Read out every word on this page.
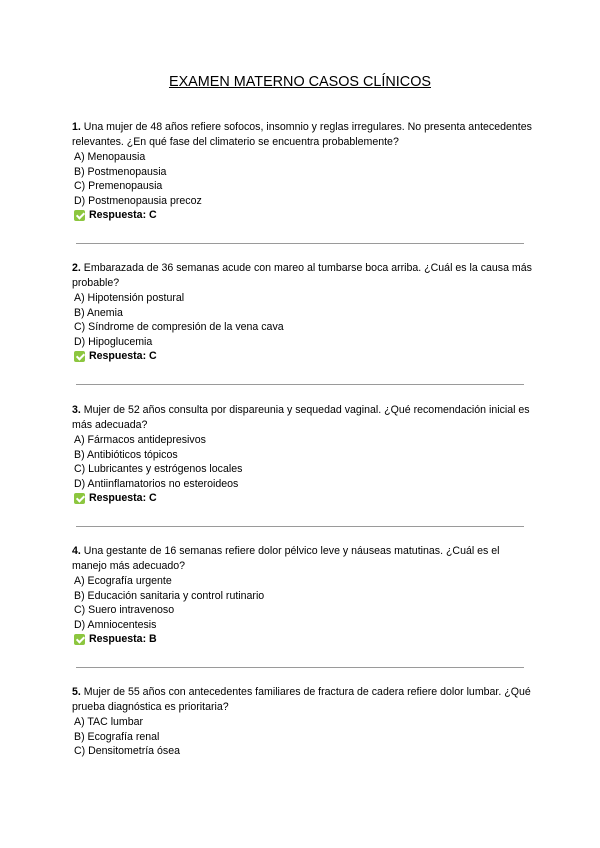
EXAMEN MATERNO CASOS CLÍNICOS

1. Una mujer de 48 años refiere sofocos, insomnio y reglas irregulares. No presenta antecedentes relevantes. ¿En qué fase del climaterio se encuentra probablemente?

A) Menopausia
B) Postmenopausia
C) Premenopausia
D) Postmenopausia precoz
Respuesta: C

2. Embarazada de 36 semanas acude con mareo al tumbarse boca arriba. ¿Cuál es la causa más probable?

A) Hipotensión postural
B) Anemia
C) Síndrome de compresión de la vena cava
D) Hipoglucemia
Respuesta: C

3. Mujer de 52 años consulta por dispareunia y sequedad vaginal. ¿Qué recomendación inicial es más adecuada?

A) Fármacos antidepresivos
B) Antibióticos tópicos
C) Lubricantes y estrógenos locales
D) Antiinflamatorios no esteroideos
Respuesta: C

4. Una gestante de 16 semanas refiere dolor pélvico leve y náuseas matutinas. ¿Cuál es el manejo más adecuado?

A) Ecografía urgente
B) Educación sanitaria y control rutinario
C) Suero intravenoso
D) Amniocentesis
Respuesta: B

5. Mujer de 55 años con antecedentes familiares de fractura de cadera refiere dolor lumbar. ¿Qué prueba diagnóstica es prioritaria?

A) TAC lumbar
B) Ecografía renal
C) Densitometría ósea
